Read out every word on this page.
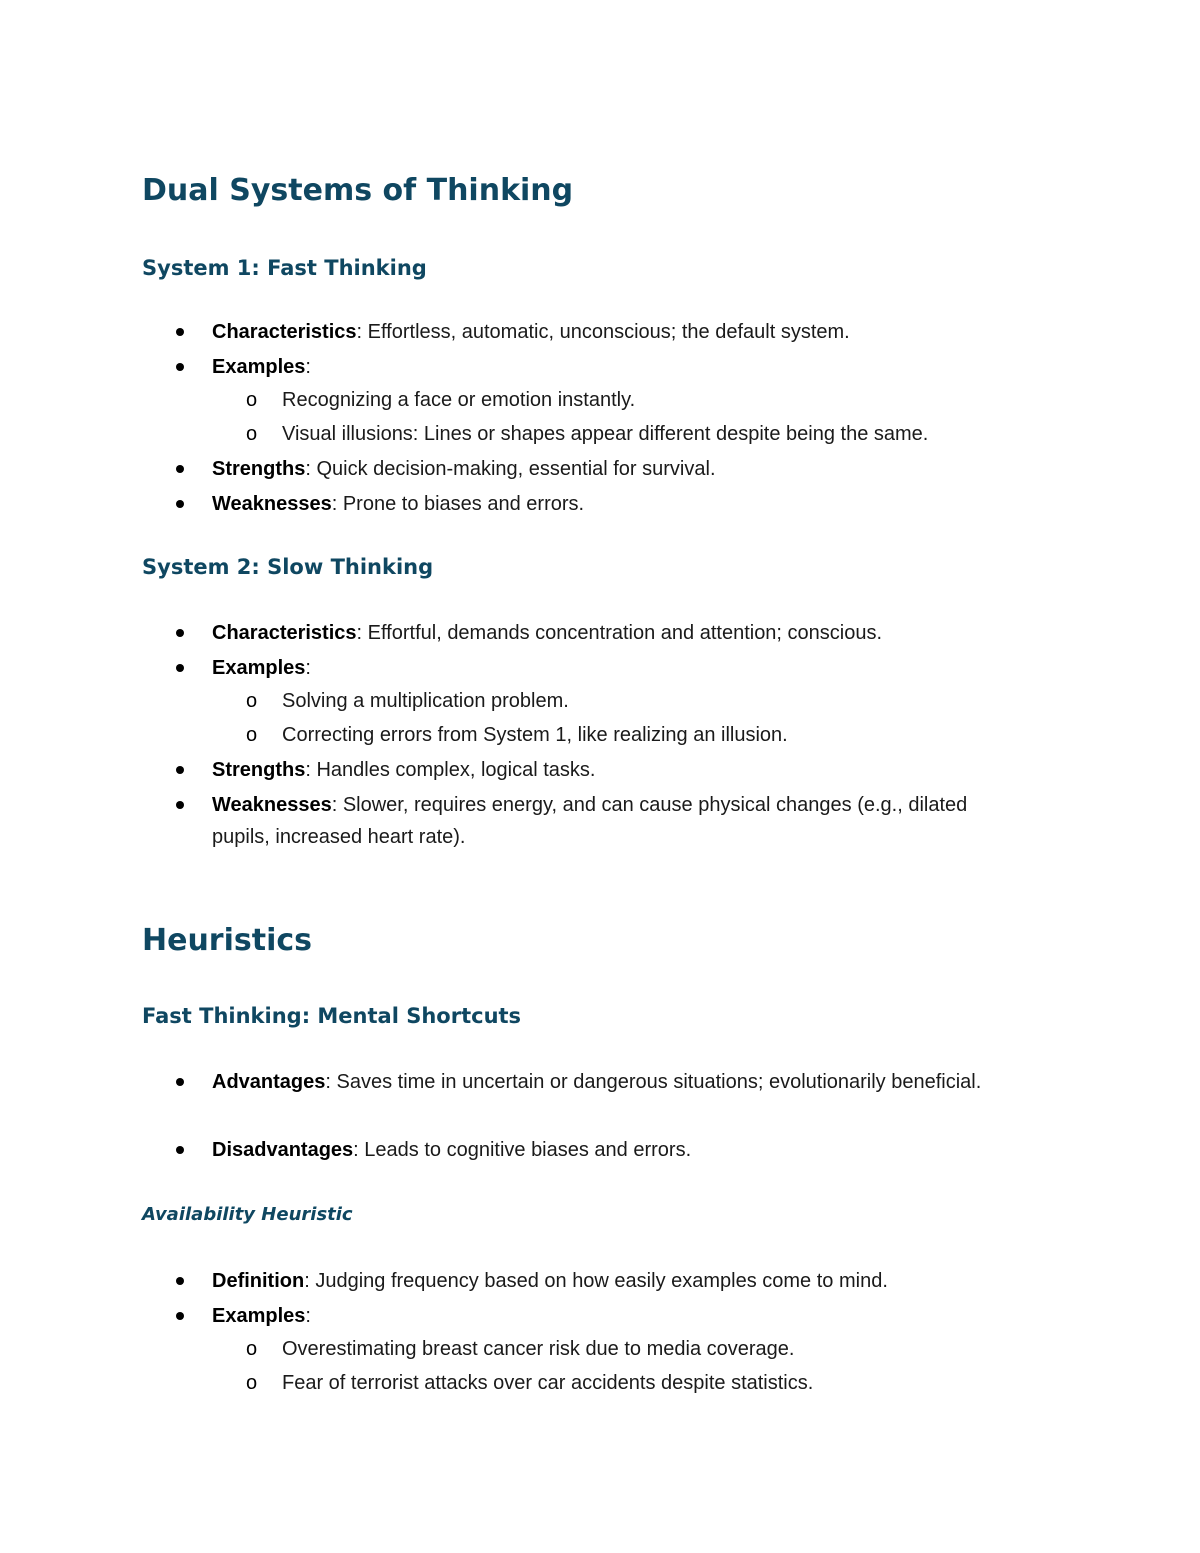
Dual Systems of Thinking
System 1: Fast Thinking
Characteristics: Effortless, automatic, unconscious; the default system.
Examples:
o Recognizing a face or emotion instantly.
o Visual illusions: Lines or shapes appear different despite being the same.
Strengths: Quick decision-making, essential for survival.
Weaknesses: Prone to biases and errors.
System 2: Slow Thinking
Characteristics: Effortful, demands concentration and attention; conscious.
Examples:
o Solving a multiplication problem.
o Correcting errors from System 1, like realizing an illusion.
Strengths: Handles complex, logical tasks.
Weaknesses: Slower, requires energy, and can cause physical changes (e.g., dilated pupils, increased heart rate).
Heuristics
Fast Thinking: Mental Shortcuts
Advantages: Saves time in uncertain or dangerous situations; evolutionarily beneficial.
Disadvantages: Leads to cognitive biases and errors.
Availability Heuristic
Definition: Judging frequency based on how easily examples come to mind.
Examples:
o Overestimating breast cancer risk due to media coverage.
o Fear of terrorist attacks over car accidents despite statistics.
